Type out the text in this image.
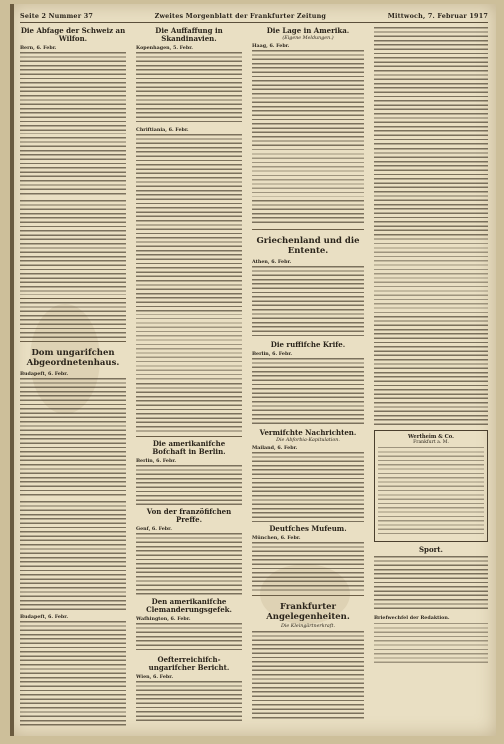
Seite 2 Nummer 37	Zweites Morgenblatt der Frankfurter Zeitung	Mittwoch, 7. Februar 1917
Die Abfage der Schweiz an Wilfon.
Bern, 6. Febr.
Dom ungarifchen Abgeordnetenhaus.
Budapeft, 6. Febr.
Budapeft, 6. Febr.
Die Auffaffung in Skandinavien.
Kopenhagen, 5. Febr.
Chriftiania, 6. Febr.
Die amerikanifche Bofchaft in Berlin.
Berlin, 6. Febr.
Von der franzöfifchen Preffe.
Genf, 6. Febr.
Den amerikanifche Clemanderungsgefek.
Wafhington, 6. Febr.
Oefterreichifch-ungarifcher Bericht.
Wien, 6. Febr.
Die Lage in Amerika.
(Eigene Meldungen.)
Haag, 6. Febr.
Griechenland und die Entente.
Athen, 6. Febr.
Die ruffifche Krife.
Berlin, 6. Febr.
Vermifchte Nachrichten.
Die Abforbia-Kapitulation.
Mailand, 6. Febr.
Deutfches Mufeum.
München, 6. Febr.
Frankfurter Angelegenheiten.
Die Kleingärtnerkraft.
Wertheim & Co.
Frankfurt a. M.
Sport.
Briefwechfel der Redaktion.
